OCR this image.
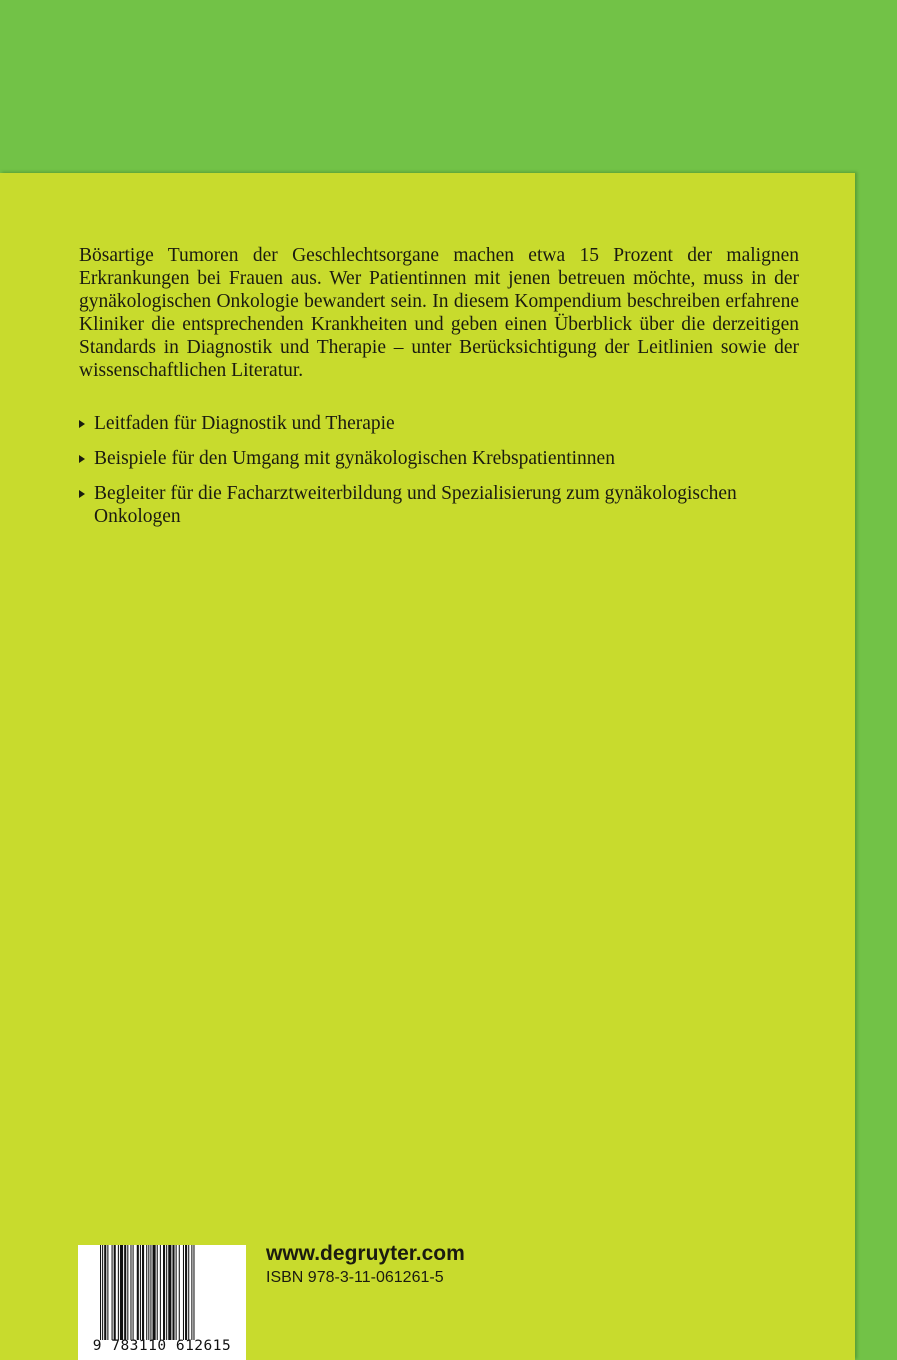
Bösartige Tumoren der Geschlechtsorgane machen etwa 15 Prozent der malignen Erkrankungen bei Frauen aus. Wer Patientinnen mit jenen betreuen möchte, muss in der gynäkologischen Onkologie bewandert sein. In diesem Kompendium beschreiben erfahrene Kliniker die entsprechenden Krankheiten und geben einen Überblick über die derzeitigen Standards in Diagnostik und Therapie – unter Berücksichtigung der Leitlinien sowie der wissenschaftlichen Literatur.

Leitfaden für Diagnostik und Therapie
Beispiele für den Umgang mit gynäkologischen Krebspatientinnen
Begleiter für die Facharztweiterbildung und Spezialisierung zum gynäkologischen Onkologen
9 783110 612615
www.degruyter.com
ISBN 978-3-11-061261-5
